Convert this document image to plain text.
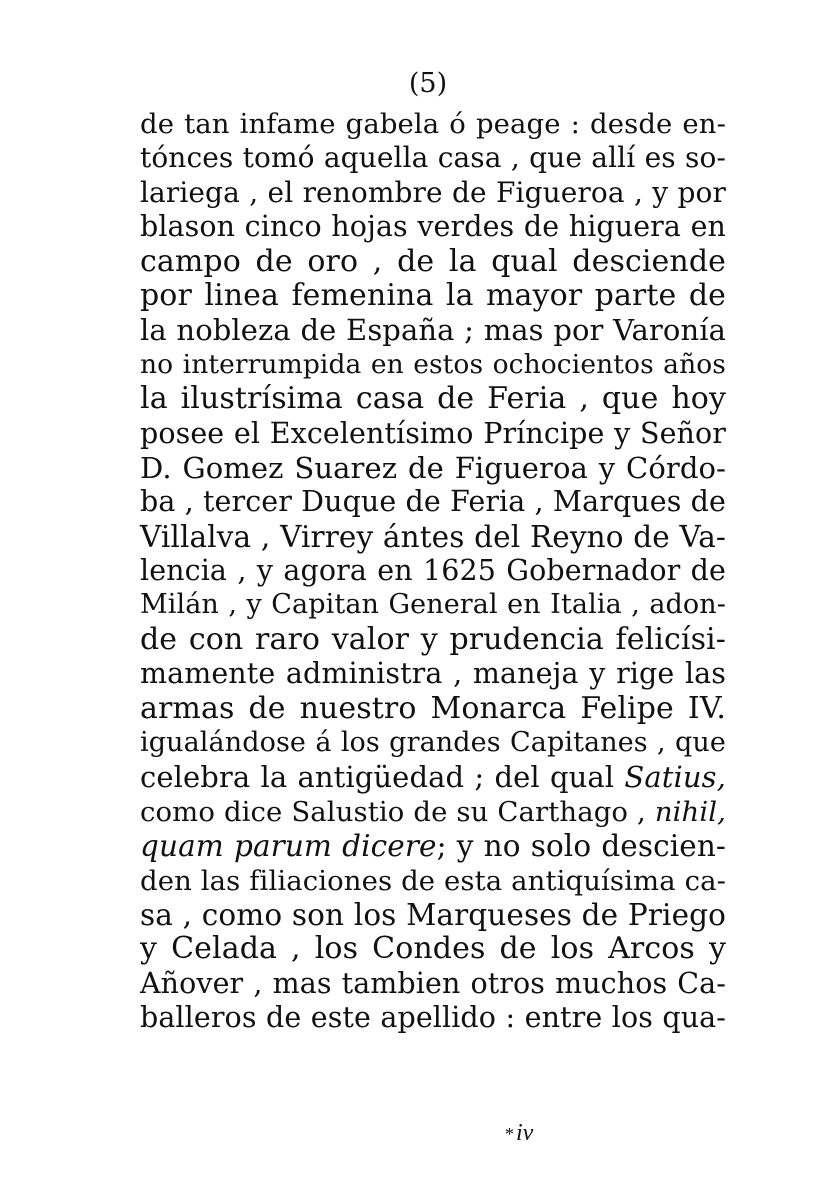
(5)
de tan infame gabela ó peage : desde en-
tónces tomó aquella casa , que allí es so-
lariega , el renombre de Figueroa , y por
blason cinco hojas verdes de higuera en
campo de oro , de la qual desciende
por linea femenina la mayor parte de
la nobleza de España ; mas por Varonía
no interrumpida en estos ochocientos años
la ilustrísima casa de Feria , que hoy
posee el Excelentísimo Príncipe y Señor
D. Gomez Suarez de Figueroa y Córdo-
ba , tercer Duque de Feria , Marques de
Villalva , Virrey ántes del Reyno de Va-
lencia , y agora en 1625 Gobernador de
Milán , y Capitan General en Italia , adon-
de con raro valor y prudencia felicísi-
mamente administra , maneja y rige las
armas de nuestro Monarca Felipe IV.
igualándose á los grandes Capitanes , que
celebra la antigüedad ; del qual Satius,
como dice Salustio de su Carthago , nihil,
quam parum dicere; y no solo descien-
den las filiaciones de esta antiquísima ca-
sa , como son los Marqueses de Priego
y Celada , los Condes de los Arcos y
Añover , mas tambien otros muchos Ca-
balleros de este apellido : entre los qua-
*iv
